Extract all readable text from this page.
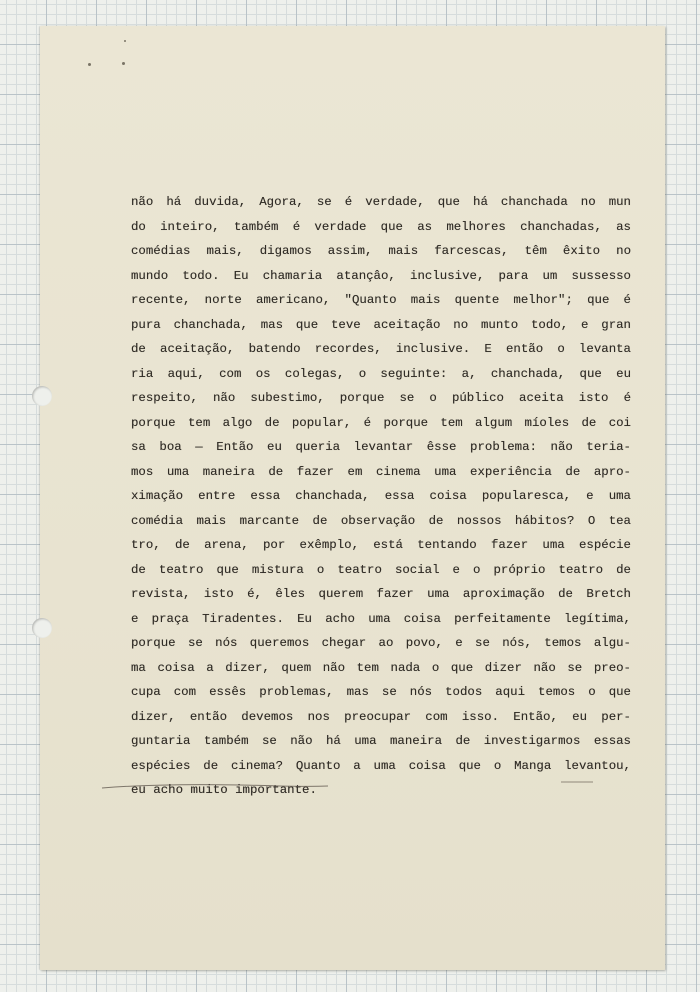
não há duvida, Agora, se é verdade, que há chanchada no mun
do inteiro, também é verdade que as melhores chanchadas, as
comédias mais, digamos assim, mais farcescas, têm êxito no
mundo todo. Eu chamaria atançâo, inclusive, para um sussesso
recente, norte americano, "Quanto mais quente melhor"; que é
pura chanchada, mas que teve aceitação no munto todo, e gran
de aceitação, batendo recordes, inclusive. E então o levanta
ria aqui, com os colegas, o seguinte: a, chanchada, que eu
respeito, não subestimo, porque se o público aceita isto é
porque tem algo de popular, é porque tem algum míoles de coi
sa boa — Então eu queria levantar êsse problema: não teria-
mos uma maneira de fazer em cinema uma experiência de apro-
ximação entre essa chanchada, essa coisa popularesca, e uma
comédia mais marcante de observação de nossos hábitos? O tea
tro, de arena, por exêmplo, está tentando fazer uma espécie
de teatro que mistura o teatro social e o próprio teatro de
revista, isto é, êles querem fazer uma aproximação de Bretch
e praça Tiradentes. Eu acho uma coisa perfeitamente legítima,
porque se nós queremos chegar ao povo, e se nós, temos algu-
ma coisa a dizer, quem não tem nada o que dizer não se preo-
cupa com essês problemas, mas se nós todos aqui temos o que
dizer, então devemos nos preocupar com isso. Então, eu per-
guntaria também se não há uma maneira de investigarmos essas
espécies de cinema? Quanto a uma coisa que o Manga levantou,
eu acho muito importante.
